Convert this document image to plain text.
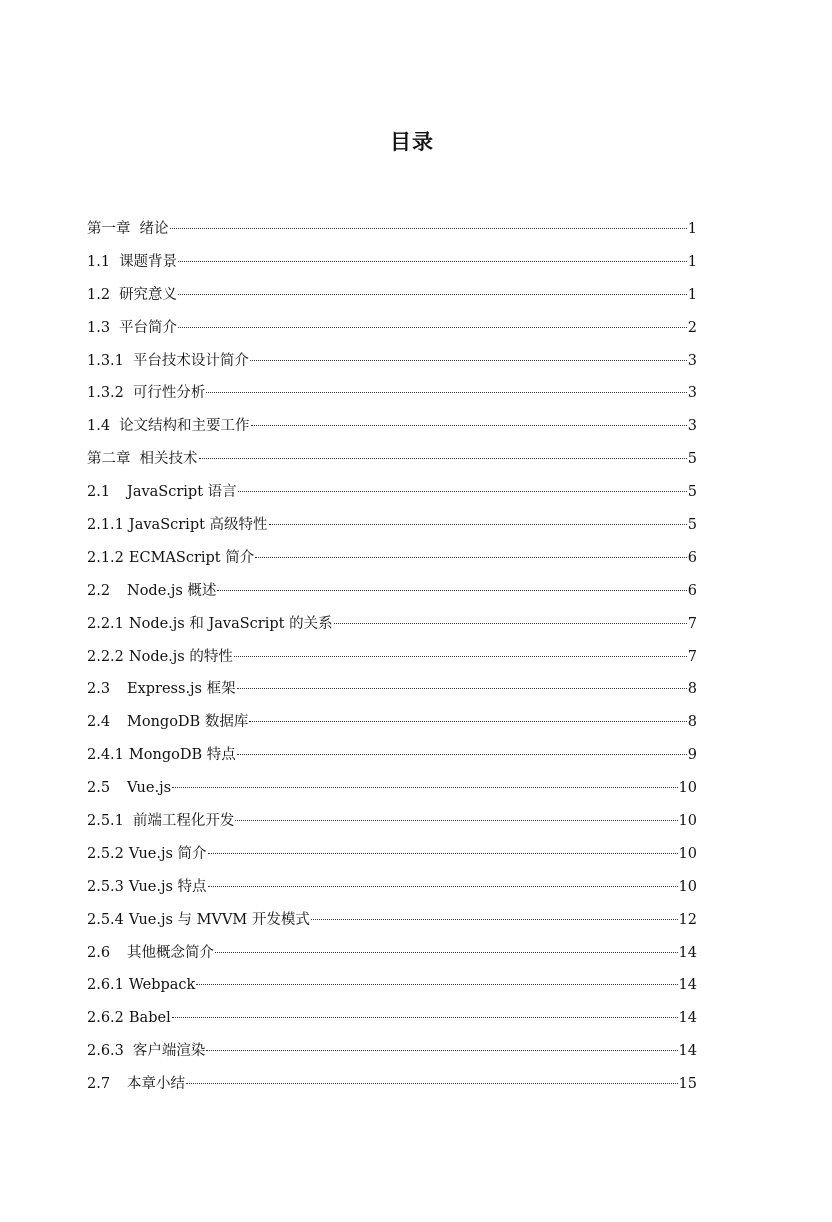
目录
第一章 绪论	1
1.1 课题背景	1
1.2 研究意义	1
1.3 平台简介	2
1.3.1 平台技术设计简介	3
1.3.2 可行性分析	3
1.4 论文结构和主要工作	3
第二章 相关技术	5
2.1	JavaScript 语言	5
2.1.1 JavaScript 高级特性	5
2.1.2 ECMAScript 简介	6
2.2	Node.js 概述	6
2.2.1 Node.js 和 JavaScript 的关系	7
2.2.2 Node.js 的特性	7
2.3	Express.js 框架	8
2.4	MongoDB 数据库	8
2.4.1 MongoDB 特点	9
2.5	Vue.js	10
2.5.1 前端工程化开发	10
2.5.2 Vue.js 简介	10
2.5.3 Vue.js 特点	10
2.5.4 Vue.js 与 MVVM 开发模式	12
2.6	其他概念简介	14
2.6.1 Webpack	14
2.6.2 Babel	14
2.6.3 客户端渲染	14
2.7	本章小结	15
